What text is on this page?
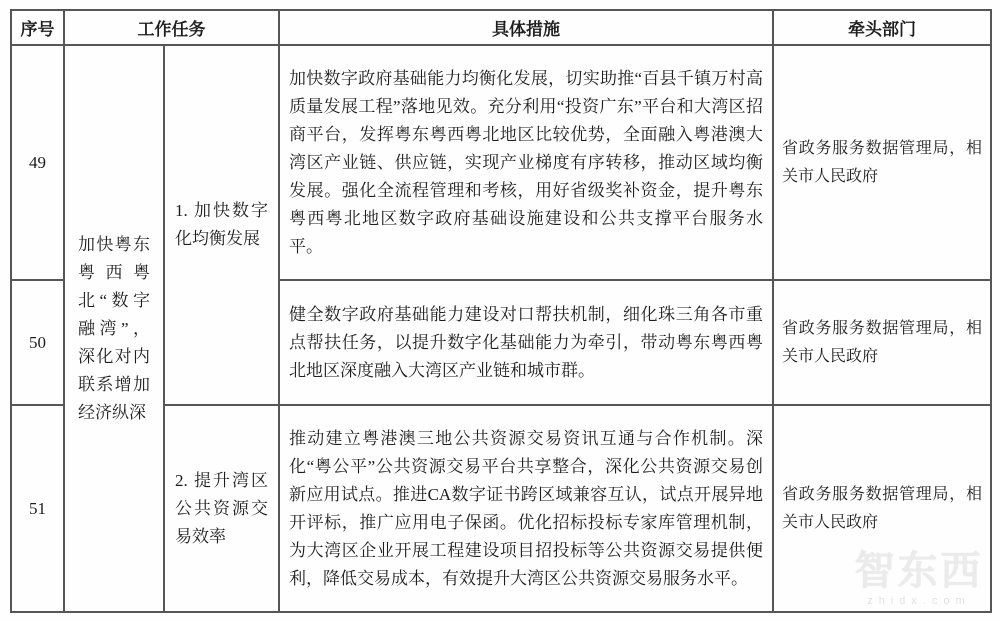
序号	工作任务		具体措施	牵头部门
49	加快粤东粤西粤北“数字融湾”，深化对内联系增加经济纵深	1. 加快数字化均衡发展	加快数字政府基础能力均衡化发展，切实助推“百县千镇万村高质量发展工程”落地见效。充分利用“投资广东”平台和大湾区招商平台，发挥粤东粤西粤北地区比较优势，全面融入粤港澳大湾区产业链、供应链，实现产业梯度有序转移，推动区域均衡发展。强化全流程管理和考核，用好省级奖补资金，提升粤东粤西粤北地区数字政府基础设施建设和公共支撑平台服务水平。	省政务服务数据管理局，相关市人民政府
50			健全数字政府基础能力建设对口帮扶机制，细化珠三角各市重点帮扶任务，以提升数字化基础能力为牵引，带动粤东粤西粤北地区深度融入大湾区产业链和城市群。	省政务服务数据管理局，相关市人民政府
51		2. 提升湾区公共资源交易效率	推动建立粤港澳三地公共资源交易资讯互通与合作机制。深化“粤公平”公共资源交易平台共享整合，深化公共资源交易创新应用试点。推进CA数字证书跨区域兼容互认，试点开展异地开评标，推广应用电子保函。优化招标投标专家库管理机制，为大湾区企业开展工程建设项目招投标等公共资源交易提供便利，降低交易成本，有效提升大湾区公共资源交易服务水平。	省政务服务数据管理局，相关市人民政府
智东西
zhidx.com
